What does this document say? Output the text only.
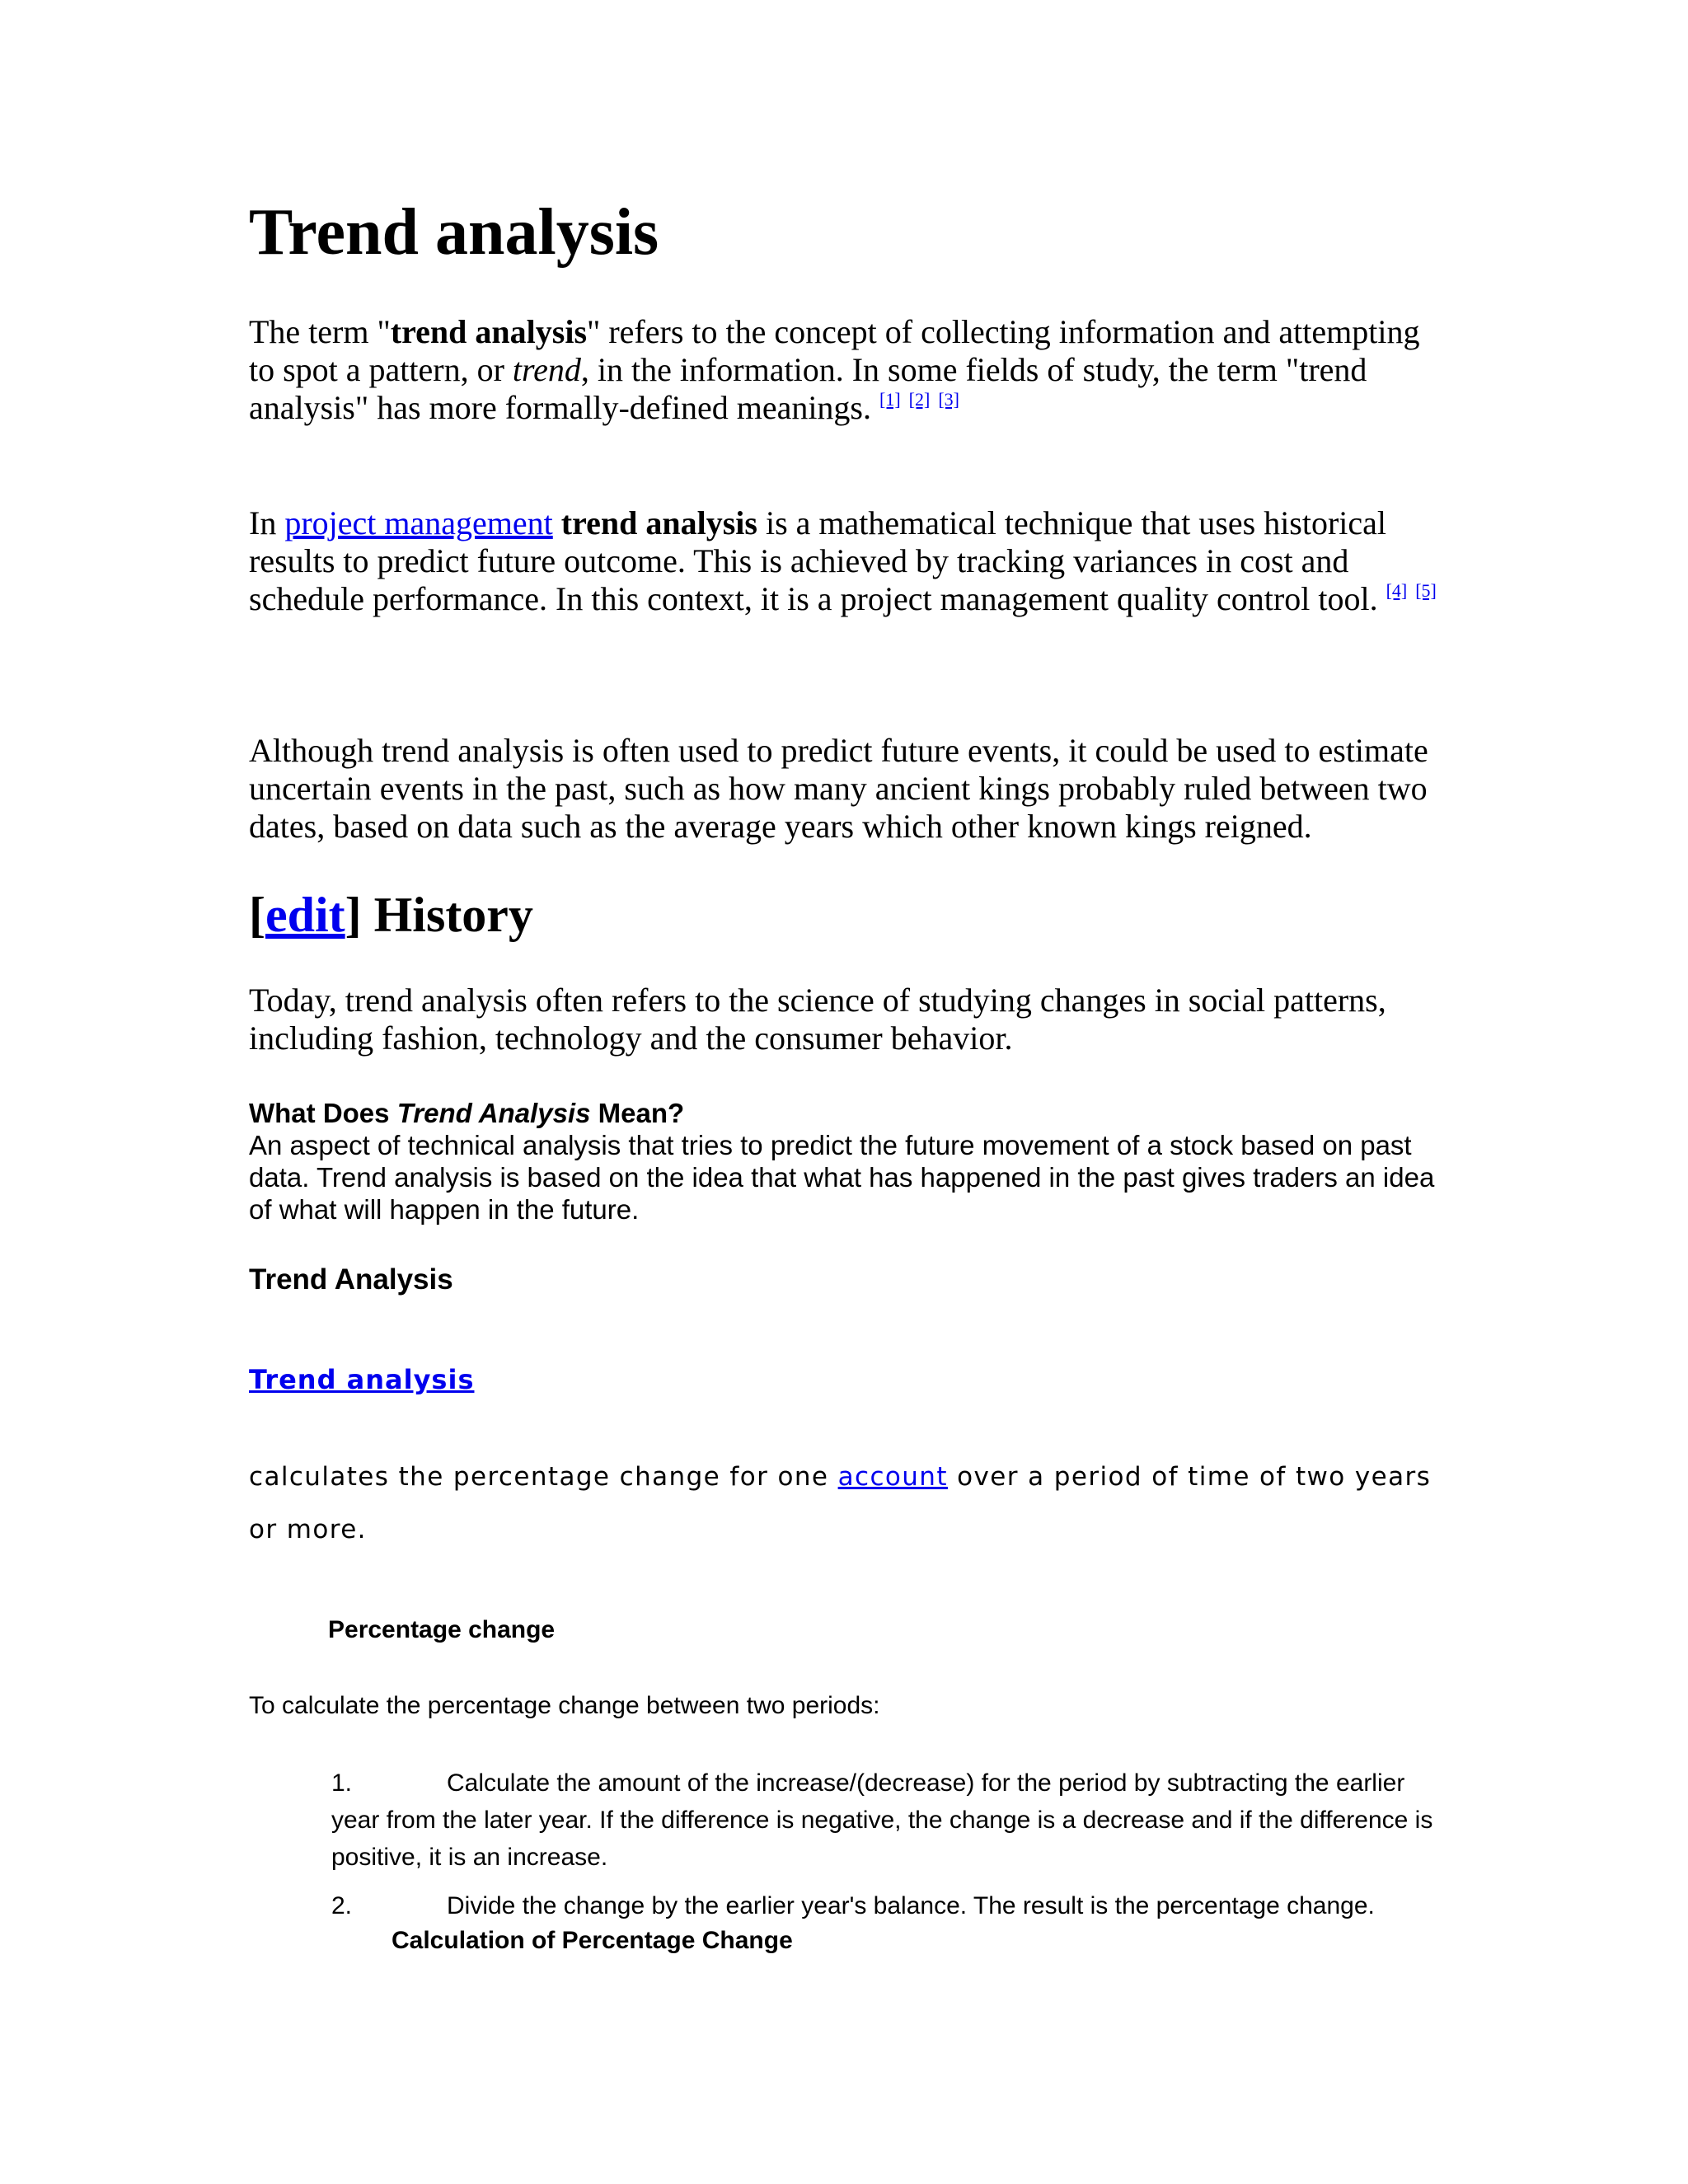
Trend analysis

The term "trend analysis" refers to the concept of collecting information and attempting to spot a pattern, or trend, in the information. In some fields of study, the term "trend analysis" has more formally-defined meanings. [1] [2] [3]

In project management trend analysis is a mathematical technique that uses historical results to predict future outcome. This is achieved by tracking variances in cost and schedule performance. In this context, it is a project management quality control tool. [4] [5]

Although trend analysis is often used to predict future events, it could be used to estimate uncertain events in the past, such as how many ancient kings probably ruled between two dates, based on data such as the average years which other known kings reigned.

[edit] History

Today, trend analysis often refers to the science of studying changes in social patterns, including fashion, technology and the consumer behavior.

What Does Trend Analysis Mean?

An aspect of technical analysis that tries to predict the future movement of a stock based on past data. Trend analysis is based on the idea that what has happened in the past gives traders an idea of what will happen in the future.

Trend Analysis
Trend analysis

calculates the percentage change for one account over a period of time of two years or more.

Percentage change

To calculate the percentage change between two periods:

1.	Calculate the amount of the increase/(decrease) for the period by subtracting the earlier year from the later year. If the difference is negative, the change is a decrease and if the difference is positive, it is an increase.

2.	Divide the change by the earlier year's balance. The result is the percentage change.

Calculation of Percentage Change
